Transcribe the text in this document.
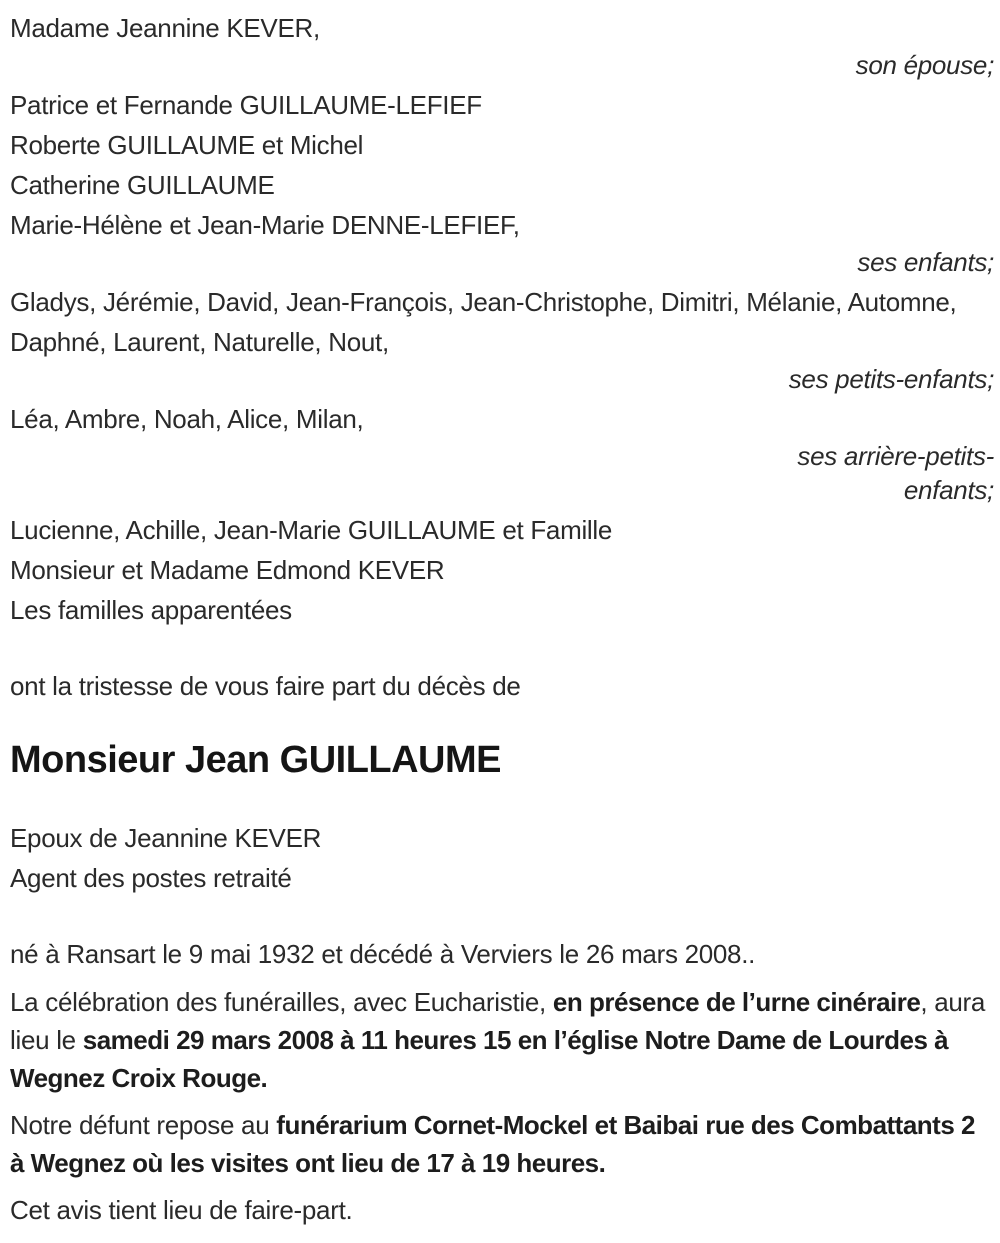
Madame Jeannine KEVER,

son épouse;

Patrice et Fernande GUILLAUME-LEFIEF

Roberte GUILLAUME et Michel

Catherine GUILLAUME

Marie-Hélène et Jean-Marie DENNE-LEFIEF,

ses enfants;

Gladys, Jérémie, David, Jean-François, Jean-Christophe, Dimitri, Mélanie, Automne, Daphné, Laurent, Naturelle, Nout,

ses petits-enfants;

Léa, Ambre, Noah, Alice, Milan,

ses arrière-petits-enfants;

Lucienne, Achille, Jean-Marie GUILLAUME et Famille

Monsieur et Madame Edmond KEVER

Les familles apparentées

ont la tristesse de vous faire part du décès de

Monsieur Jean GUILLAUME

Epoux de Jeannine KEVER

Agent des postes retraité

né à Ransart le 9 mai 1932 et décédé à Verviers le 26 mars 2008..

La célébration des funérailles, avec Eucharistie, en présence de l’urne cinéraire, aura lieu le samedi 29 mars 2008 à 11 heures 15 en l’église Notre Dame de Lourdes à Wegnez Croix Rouge.

Notre défunt repose au funérarium Cornet-Mockel et Baibai rue des Combattants 2 à Wegnez où les visites ont lieu de 17 à 19 heures.

Cet avis tient lieu de faire-part.
